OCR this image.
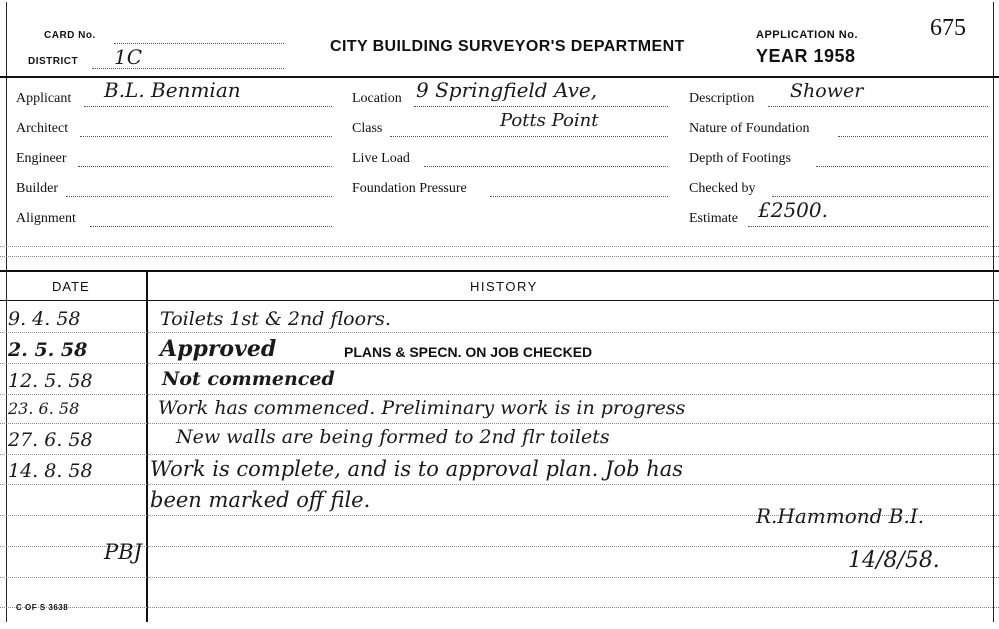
CARD No.
DISTRICT 1C	CITY BUILDING SURVEYOR'S DEPARTMENT
APPLICATION No.	675
YEAR 1958
Applicant B.L. Benmian
Architect
Engineer
Builder
Alignment
Location 9 Springfield Ave,
Potts Point
Class
Live Load
Foundation Pressure
Description Shower
Nature of Foundation
Depth of Footings
Checked by
Estimate £2500.
DATE	HISTORY
9. 4. 58	Toilets 1st & 2nd floors.
2. 5. 58	Approved	PLANS & SPECN. ON JOB CHECKED
12. 5. 58	Not commenced
23. 6. 58	Work has commenced. Preliminary work is in progress
27. 6. 58	New walls are being formed to 2nd flr toilets
14. 8. 58	Work is complete, and is to approval plan. Job has
been marked off file.
R.Hammond B.I.
14/8/58.
PBJ
C OF S 3638
